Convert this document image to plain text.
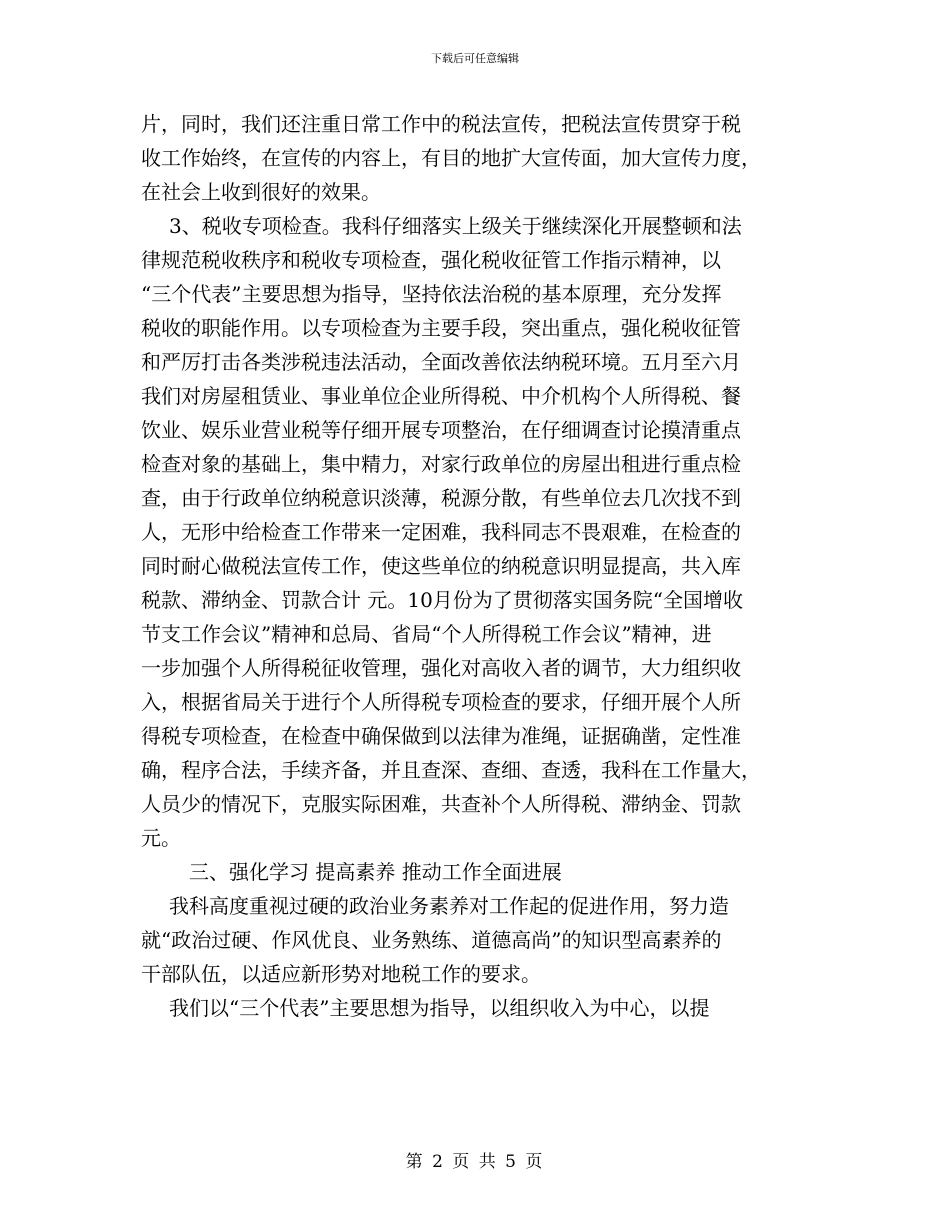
下载后可任意编辑
片，同时，我们还注重日常工作中的税法宣传，把税法宣传贯穿于税
收工作始终，在宣传的内容上，有目的地扩大宣传面，加大宣传力度，
在社会上收到很好的效果。
3、税收专项检查。我科仔细落实上级关于继续深化开展整顿和法
律规范税收秩序和税收专项检查，强化税收征管工作指示精神，以
“三个代表”主要思想为指导，坚持依法治税的基本原理，充分发挥
税收的职能作用。以专项检查为主要手段，突出重点，强化税收征管
和严厉打击各类涉税违法活动，全面改善依法纳税环境。五月至六月
我们对房屋租赁业、事业单位企业所得税、中介机构个人所得税、餐
饮业、娱乐业营业税等仔细开展专项整治，在仔细调查讨论摸清重点
检查对象的基础上，集中精力，对家行政单位的房屋出租进行重点检
查，由于行政单位纳税意识淡薄，税源分散，有些单位去几次找不到
人，无形中给检查工作带来一定困难，我科同志不畏艰难，在检查的
同时耐心做税法宣传工作，使这些单位的纳税意识明显提高，共入库
税款、滞纳金、罚款合计 元。10月份为了贯彻落实国务院“全国增收
节支工作会议”精神和总局、省局“个人所得税工作会议”精神，进
一步加强个人所得税征收管理，强化对高收入者的调节，大力组织收
入，根据省局关于进行个人所得税专项检查的要求，仔细开展个人所
得税专项检查，在检查中确保做到以法律为准绳，证据确凿，定性准
确，程序合法，手续齐备，并且查深、查细、查透，我科在工作量大，
人员少的情况下，克服实际困难，共查补个人所得税、滞纳金、罚款
元。
三、强化学习 提高素养 推动工作全面进展
我科高度重视过硬的政治业务素养对工作起的促进作用，努力造
就“政治过硬、作风优良、业务熟练、道德高尚”的知识型高素养的
干部队伍，以适应新形势对地税工作的要求。
我们以“三个代表”主要思想为指导，以组织收入为中心，以提
第 2 页 共 5 页
